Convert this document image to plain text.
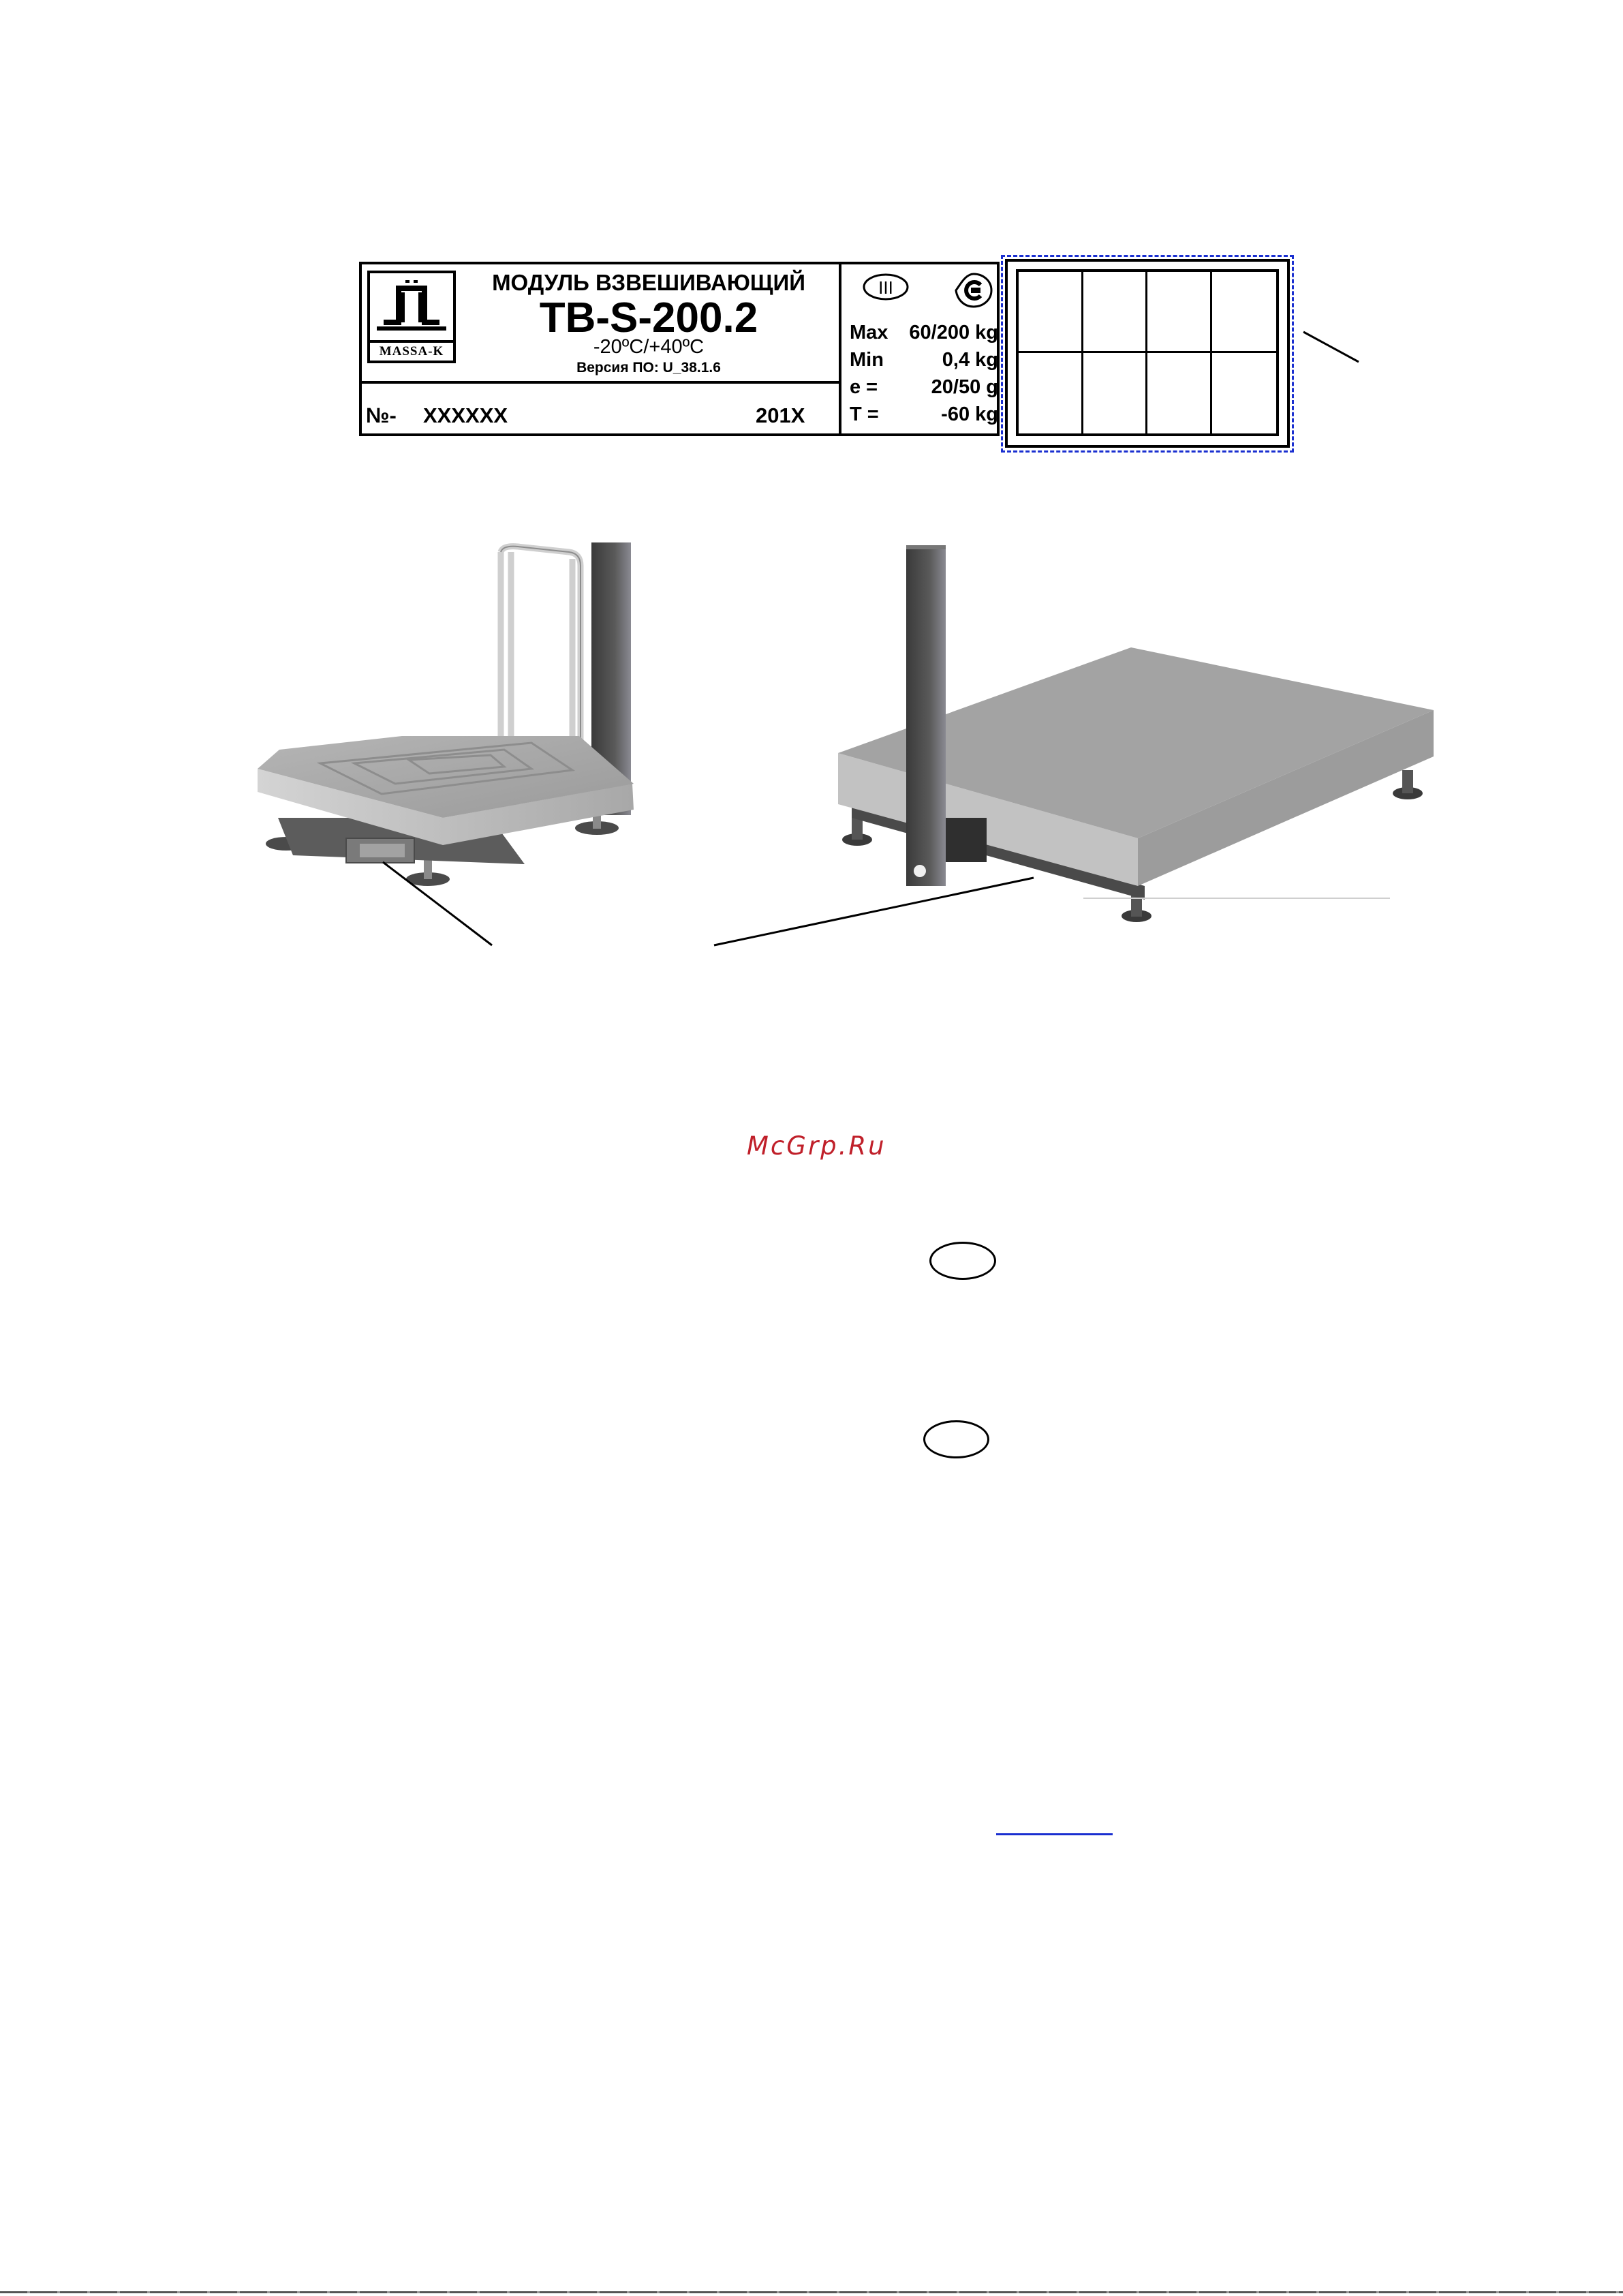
MASSA-K
МОДУЛЬ ВЗВЕШИВАЮЩИЙ
TB-S-200.2
-20ºC/+40ºC
Версия ПО: U_38.1.6
№- XXXXXX	201X
III
Max	60/200 kg
Min	0,4 kg
e =	20/50 g
T =	-60 kg
McGrp.Ru
